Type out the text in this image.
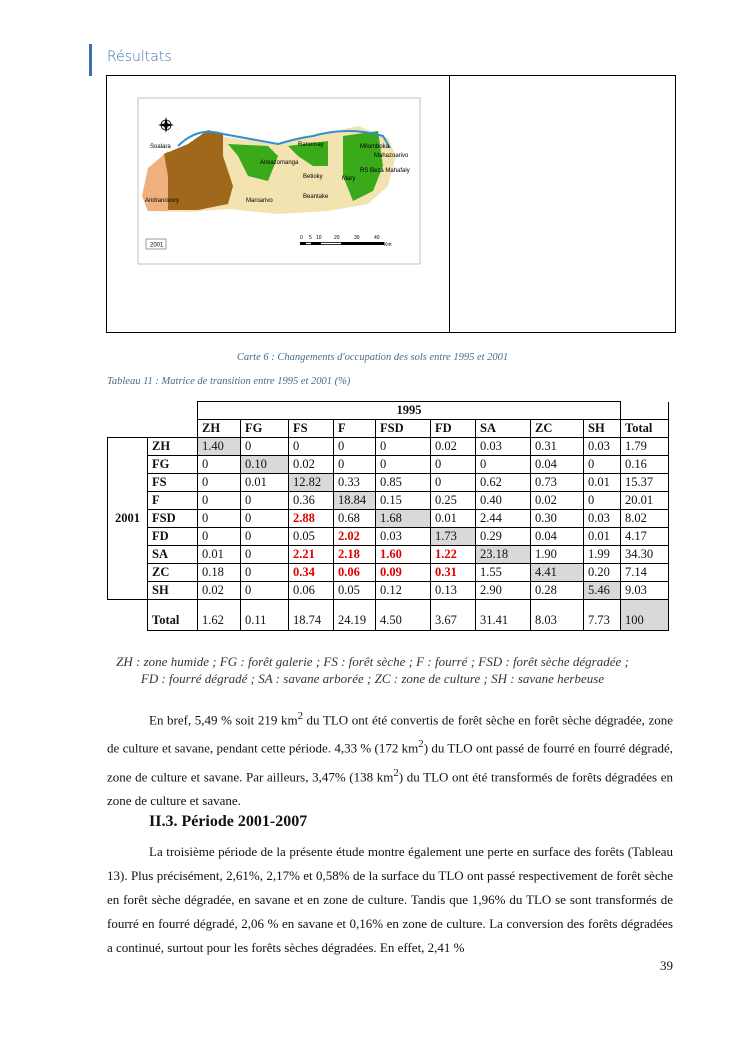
Résultats
Soalara	Ranomay	Milomboka
Mahazoarivo
Ankazomanga
RS Beza Mahafaly
Betioky	Mary
Andranovory	Maroarivo
Beantake
2001
0 5 10 20	30	40
Km
Carte 6 : Changements d'occupation des sols entre 1995 et 2001
Tableau 11 : Matrice de transition entre 1995 et 2001 (%)
		1995									
		ZH	FG	FS	F	FSD	FD	SA	ZC	SH	Total
2001	ZH	1.40	0	0	0	0	0.02	0.03	0.31	0.03	1.79
	FG	0	0.10	0.02	0	0	0	0	0.04	0	0.16
	FS	0	0.01	12.82	0.33	0.85	0	0.62	0.73	0.01	15.37
	F	0	0	0.36	18.84	0.15	0.25	0.40	0.02	0	20.01
	FSD	0	0	2.88	0.68	1.68	0.01	2.44	0.30	0.03	8.02
	FD	0	0	0.05	2.02	0.03	1.73	0.29	0.04	0.01	4.17
	SA	0.01	0	2.21	2.18	1.60	1.22	23.18	1.90	1.99	34.30
	ZC	0.18	0	0.34	0.06	0.09	0.31	1.55	4.41	0.20	7.14
	SH	0.02	0	0.06	0.05	0.12	0.13	2.90	0.28	5.46	9.03
	Total	1.62	0.11	18.74	24.19	4.50	3.67	31.41	8.03	7.73	100
ZH : zone humide ; FG : forêt galerie ; FS : forêt sèche ; F : fourré ; FSD : forêt sèche dégradée ;
FD : fourré dégradé ; SA : savane arborée ; ZC : zone de culture ; SH : savane herbeuse
En bref, 5,49 % soit 219 $km^2$ du TLO ont été convertis de forêt sèche en forêt sèche dégradée, zone de culture et savane, pendant cette période. 4,33 % (172 $km^2$) du TLO ont passé de fourré en fourré dégradé, zone de culture et savane. Par ailleurs, 3,47% (138 $km^2$) du TLO ont été transformés de forêts dégradées en zone de culture et savane.
II.3. Période 2001-2007
La troisième période de la présente étude montre également une perte en surface des forêts (Tableau 13). Plus précisément, 2,61%, 2,17% et 0,58% de la surface du TLO ont passé respectivement de forêt sèche en forêt sèche dégradée, en savane et en zone de culture. Tandis que 1,96% du TLO se sont transformés de fourré en fourré dégradé, 2,06 % en savane et 0,16% en zone de culture. La conversion des forêts dégradées a continué, surtout pour les forêts sèches dégradées. En effet, 2,41 %
39
